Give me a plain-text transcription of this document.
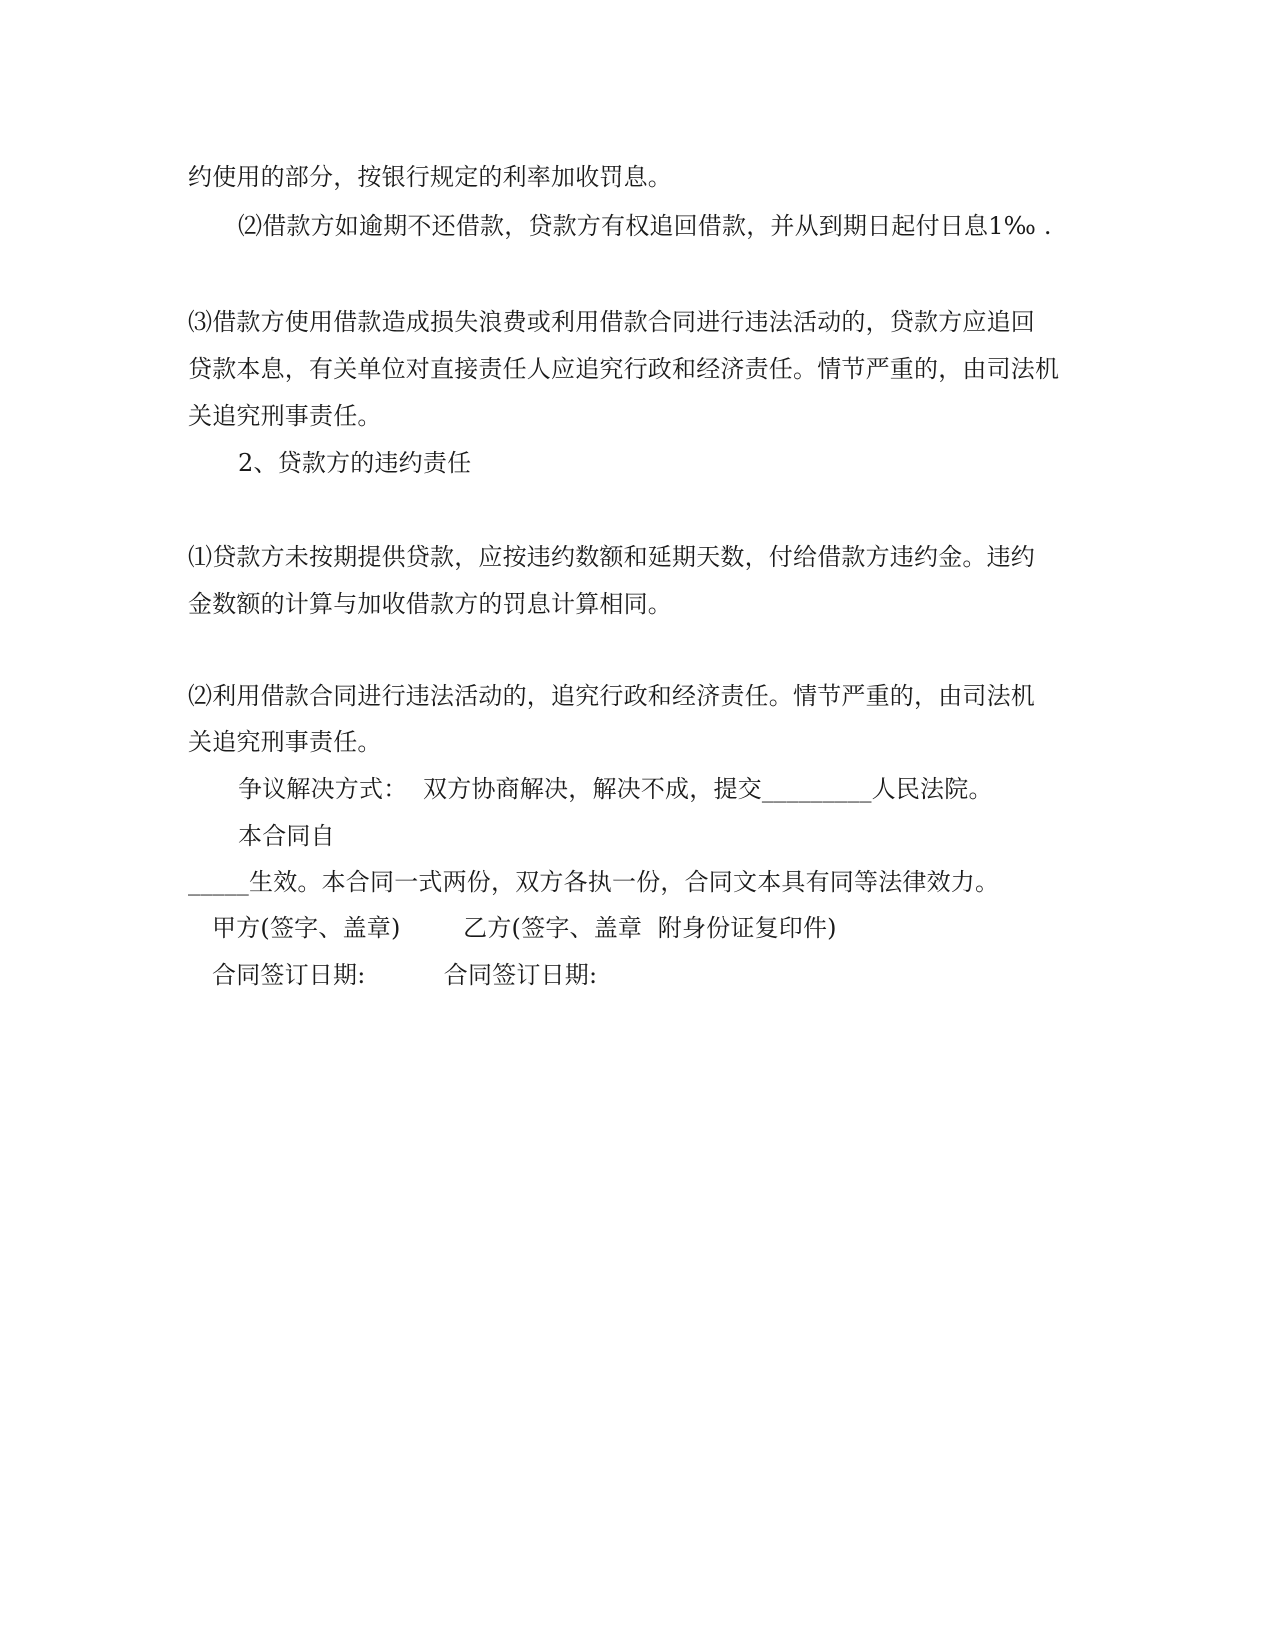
约使用的部分，按银行规定的利率加收罚息。
⑵借款方如逾期不还借款，贷款方有权追回借款，并从到期日起付日息1‰ .
⑶借款方使用借款造成损失浪费或利用借款合同进行违法活动的，贷款方应追回
贷款本息，有关单位对直接责任人应追究行政和经济责任。情节严重的，由司法机
关追究刑事责任。
2、贷款方的违约责任
⑴贷款方未按期提供贷款，应按违约数额和延期天数，付给借款方违约金。违约
金数额的计算与加收借款方的罚息计算相同。
⑵利用借款合同进行违法活动的，追究行政和经济责任。情节严重的，由司法机
关追究刑事责任。
争议解决方式：  双方协商解决，解决不成，提交_________人民法院。
本合同自
_____生效。本合同一式两份，双方各执一份，合同文本具有同等法律效力。
甲方(签字、盖章)        乙方(签字、盖章  附身份证复印件)
合同签订日期:          合同签订日期:
